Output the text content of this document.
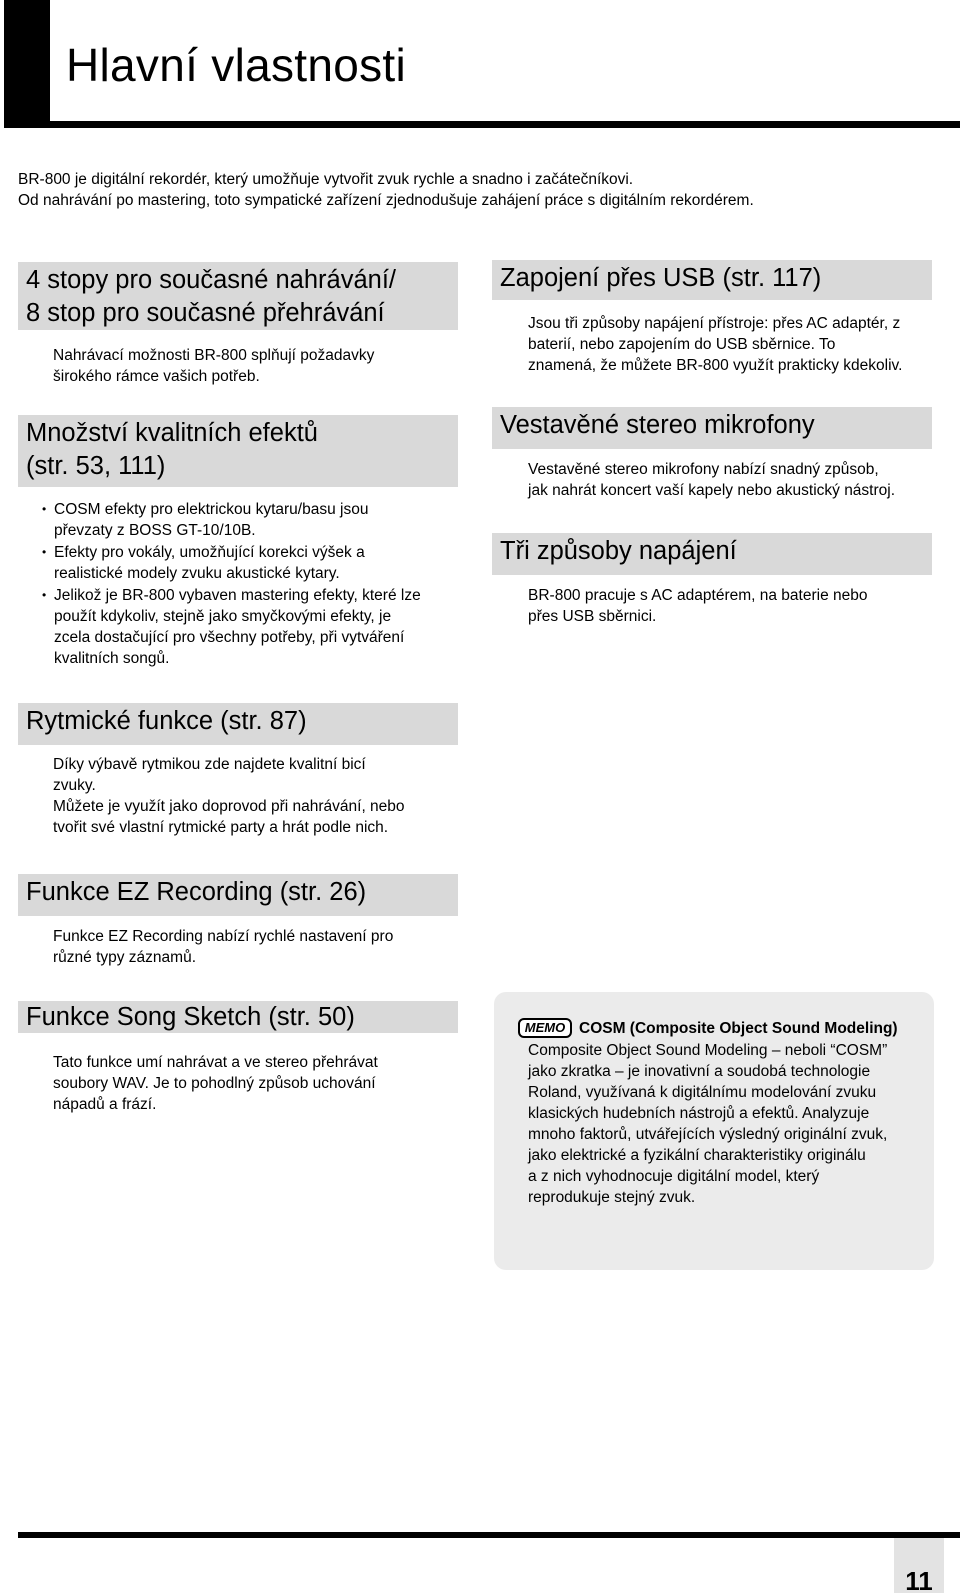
Hlavní vlastnosti
BR-800 je digitální rekordér, který umožňuje vytvořit zvuk rychle a snadno i začátečníkovi.
Od nahrávání po mastering, toto sympatické zařízení zjednodušuje zahájení práce s digitálním rekordérem.
4 stopy pro současné nahrávání/
8 stop pro současné přehrávání
Nahrávací možnosti BR-800 splňují požadavky
širokého rámce vašich potřeb.
Množství kvalitních efektů
(str. 53, 111)
• COSM efekty pro elektrickou kytaru/basu jsou
převzaty z BOSS GT-10/10B.
• Efekty pro vokály, umožňující korekci výšek a
realistické modely zvuku akustické kytary.
• Jelikož je BR-800 vybaven mastering efekty, které lze
použít kdykoliv, stejně jako smyčkovými efekty, je
zcela dostačující pro všechny potřeby, při vytváření
kvalitních songů.
Rytmické funkce (str. 87)
Díky výbavě rytmikou zde najdete kvalitní bicí
zvuky.
Můžete je využít jako doprovod při nahrávání, nebo
tvořit své vlastní rytmické party a hrát podle nich.
Funkce EZ Recording (str. 26)
Funkce EZ Recording nabízí rychlé nastavení pro
různé typy záznamů.
Funkce Song Sketch (str. 50)
Tato funkce umí nahrávat a ve stereo přehrávat
soubory WAV. Je to pohodlný způsob uchování
nápadů a frází.
Zapojení přes USB (str. 117)
Jsou tři způsoby napájení přístroje: přes AC adaptér, z
baterií, nebo zapojením do USB sběrnice. To
znamená, že můžete BR-800 využít prakticky kdekoliv.
Vestavěné stereo mikrofony
Vestavěné stereo mikrofony nabízí snadný způsob,
jak nahrát koncert vaší kapely nebo akustický nástroj.
Tři způsoby napájení
BR-800 pracuje s AC adaptérem, na baterie nebo
přes USB sběrnici.
MEMO COSM (Composite Object Sound Modeling)
Composite Object Sound Modeling – neboli “COSM”
jako zkratka – je inovativní a soudobá technologie
Roland, využívaná k digitálnímu modelování zvuku
klasických hudebních nástrojů a efektů. Analyzuje
mnoho faktorů, utvářejících výsledný originální zvuk,
jako elektrické a fyzikální charakteristiky originálu
a z nich vyhodnocuje digitální model, který
reprodukuje stejný zvuk.
11
